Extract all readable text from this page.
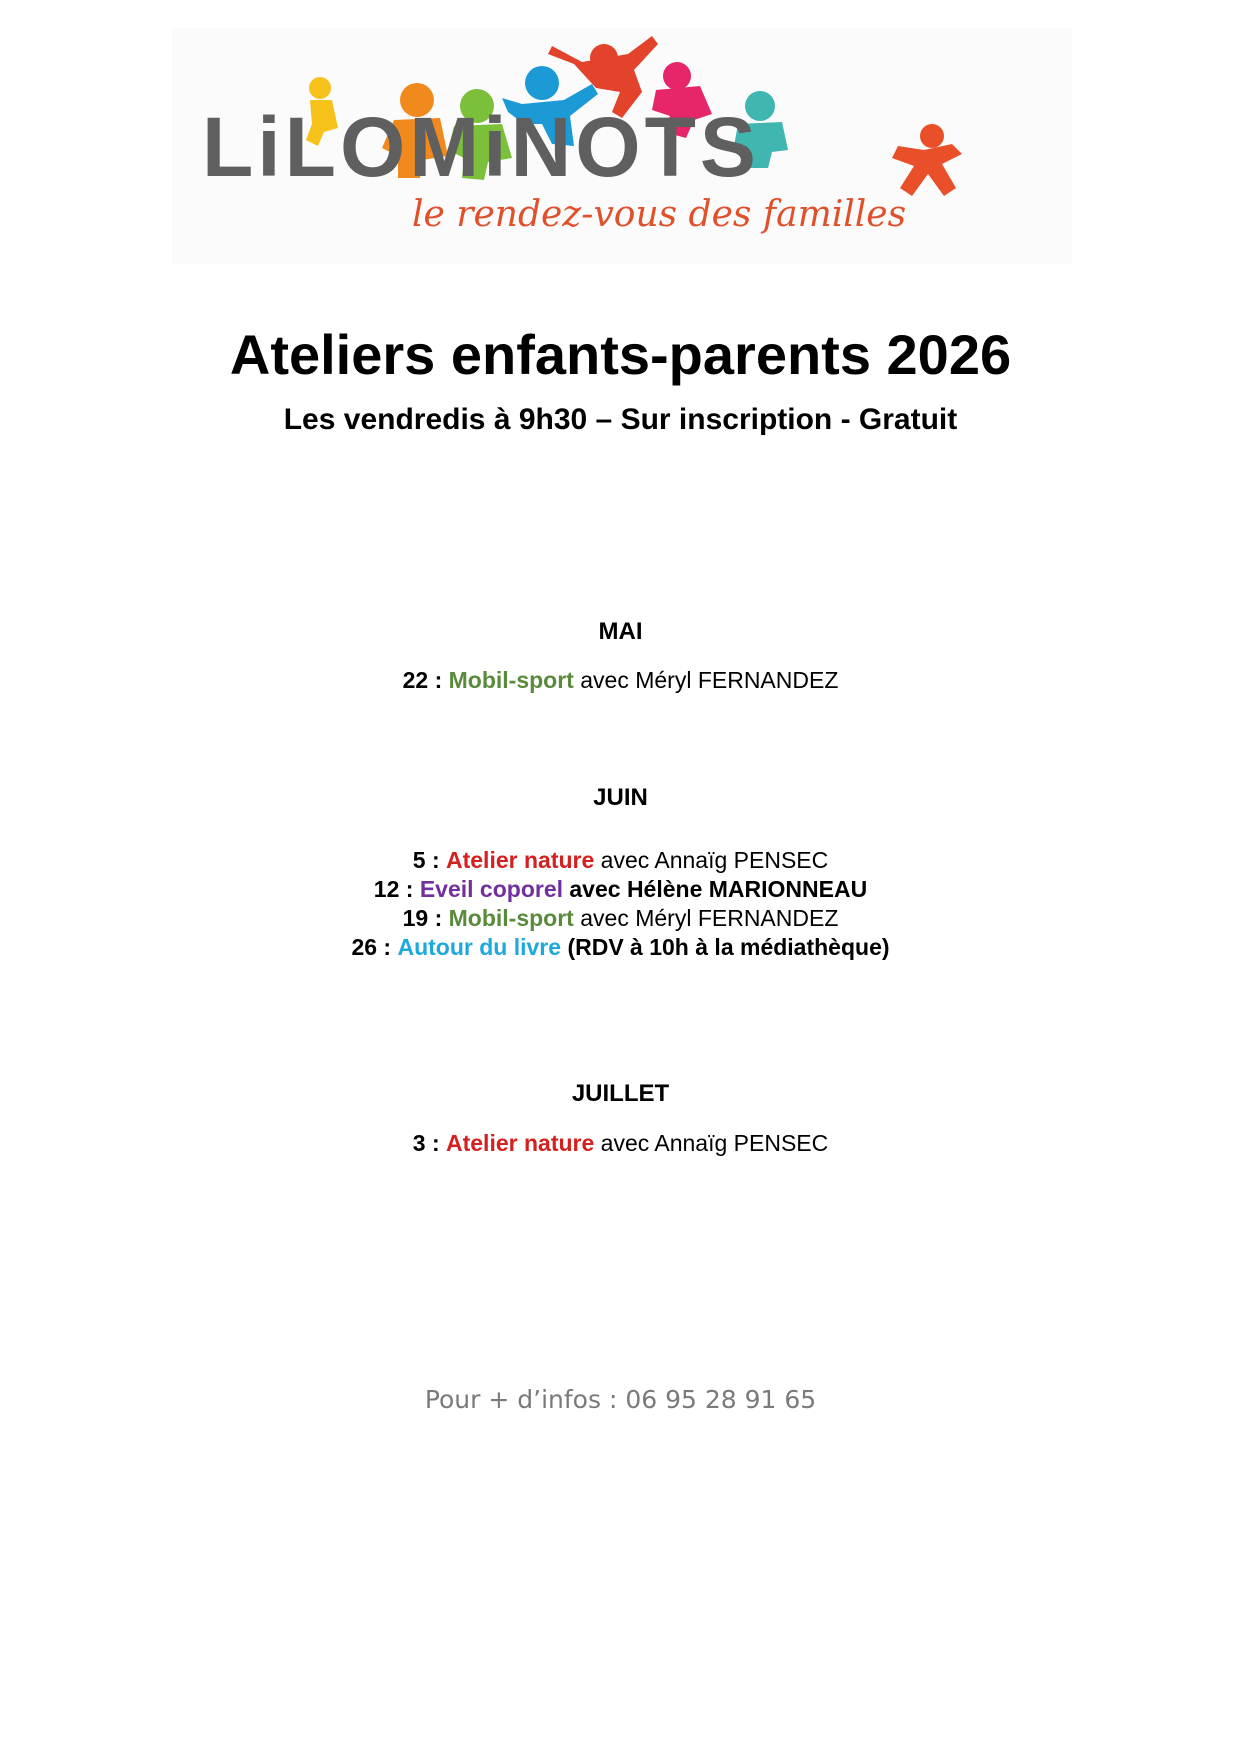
LiLOMiNOTS
le rendez-vous des familles
Ateliers enfants-parents 2026

Les vendredis à 9h30 – Sur inscription - Gratuit

MAI

22 : Mobil-sport avec Méryl FERNANDEZ

JUIN

5 : Atelier nature avec Annaïg PENSEC

12 : Eveil coporel avec Hélène MARIONNEAU

19 : Mobil-sport avec Méryl FERNANDEZ

26 : Autour du livre (RDV à 10h à la médiathèque)

JUILLET

3 : Atelier nature avec Annaïg PENSEC

Pour + d’infos : 06 95 28 91 65
